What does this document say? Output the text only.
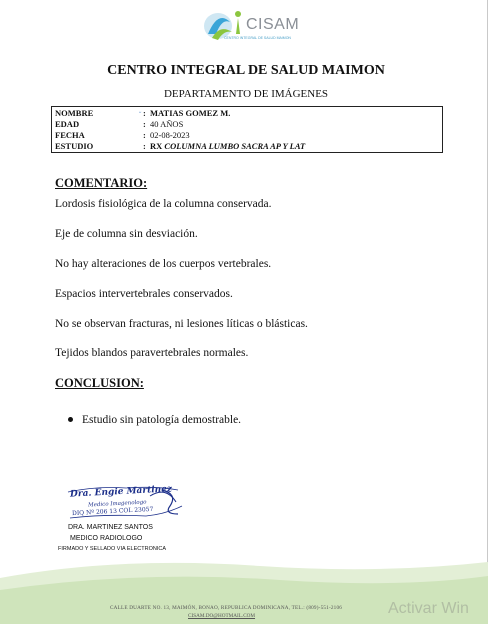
CISAM
CENTRO INTEGRAL DE SALUD MAIMON
CENTRO INTEGRAL DE SALUD MAIMON
DEPARTAMENTO DE IMÁGENES
NOMBRE	ᵕ : MATIAS GOMEZ M.
EDAD	: 40 AÑOS
FECHA	: 02-08-2023
ESTUDIO	: RX COLUMNA LUMBO SACRA AP Y LAT
COMENTARIO:
Lordosis fisiológica de la columna conservada.
Eje de columna sin desviación.
No hay alteraciones de los cuerpos vertebrales.
Espacios intervertebrales conservados.
No se observan fracturas, ni lesiones líticas o blásticas.
Tejidos blandos paravertebrales normales.
CONCLUSION:
Estudio sin patología demostrable.
Dra. Engie Martinez
Medico Imagenologo
DIQ Nº 206 13 COL 23057
DRA. MARTINEZ SANTOS
MEDICO RADIOLOGO
FIRMADO Y SELLADO VIA ELECTRONICA
CALLE DUARTE NO. 13, MAIMÓN, BONAO, REPUBLICA DOMINICANA, TEL.: (809)-551-2106
CISAM.DO@HOTMAIL.COM	Activar Win
